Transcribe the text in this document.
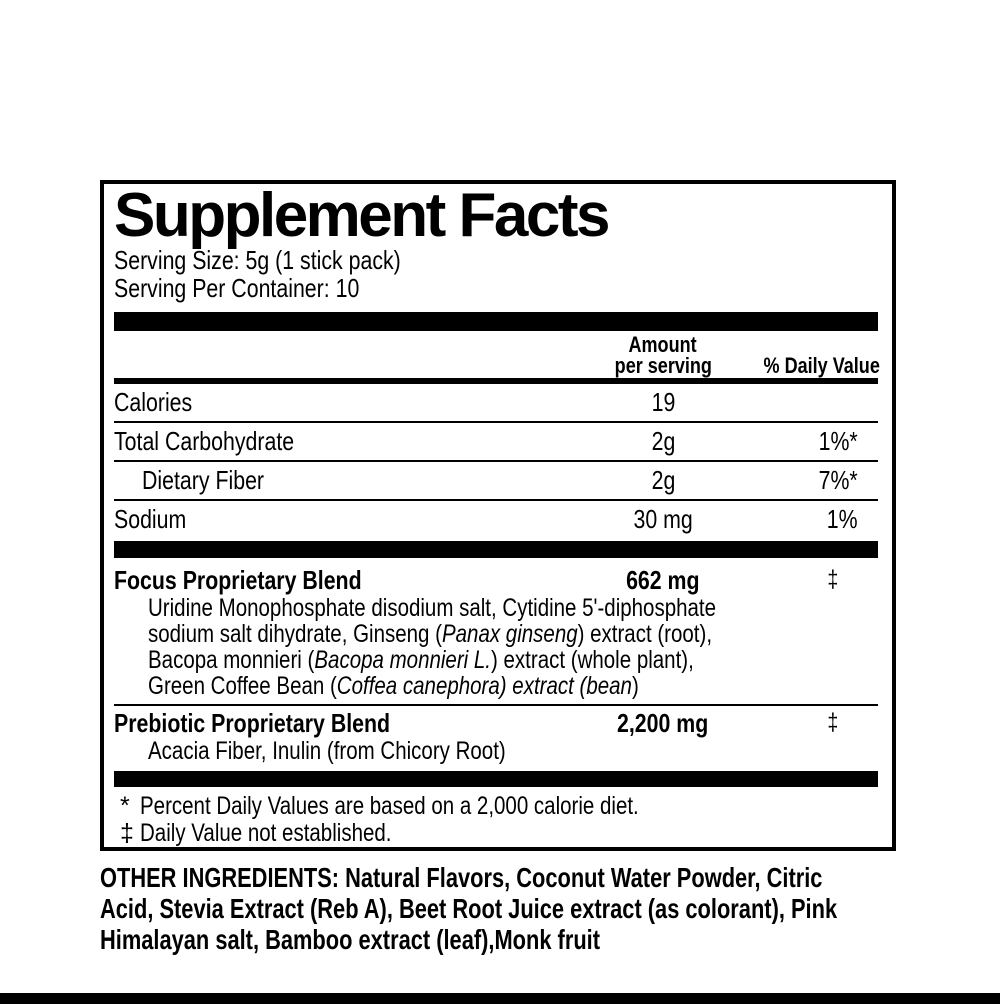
Supplement Facts
Serving Size: 5g (1 stick pack)
Serving Per Container: 10
Amount
per serving	% Daily Value
Calories	19
Total Carbohydrate	2g	1%*
Dietary Fiber	2g	7%*
Sodium	30 mg	1%
Focus Proprietary Blend	662 mg	‡
Uridine Monophosphate disodium salt, Cytidine 5'-diphosphate
sodium salt dihydrate, Ginseng (Panax ginseng) extract (root),
Bacopa monnieri (Bacopa monnieri L.) extract (whole plant),
Green Coffee Bean (Coffea canephora) extract (bean)
Prebiotic Proprietary Blend	2,200 mg	‡
Acacia Fiber, Inulin (from Chicory Root)
* Percent Daily Values are based on a 2,000 calorie diet.
‡ Daily Value not established.
OTHER INGREDIENTS: Natural Flavors, Coconut Water Powder, Citric
Acid, Stevia Extract (Reb A), Beet Root Juice extract (as colorant), Pink
Himalayan salt, Bamboo extract (leaf),Monk fruit
